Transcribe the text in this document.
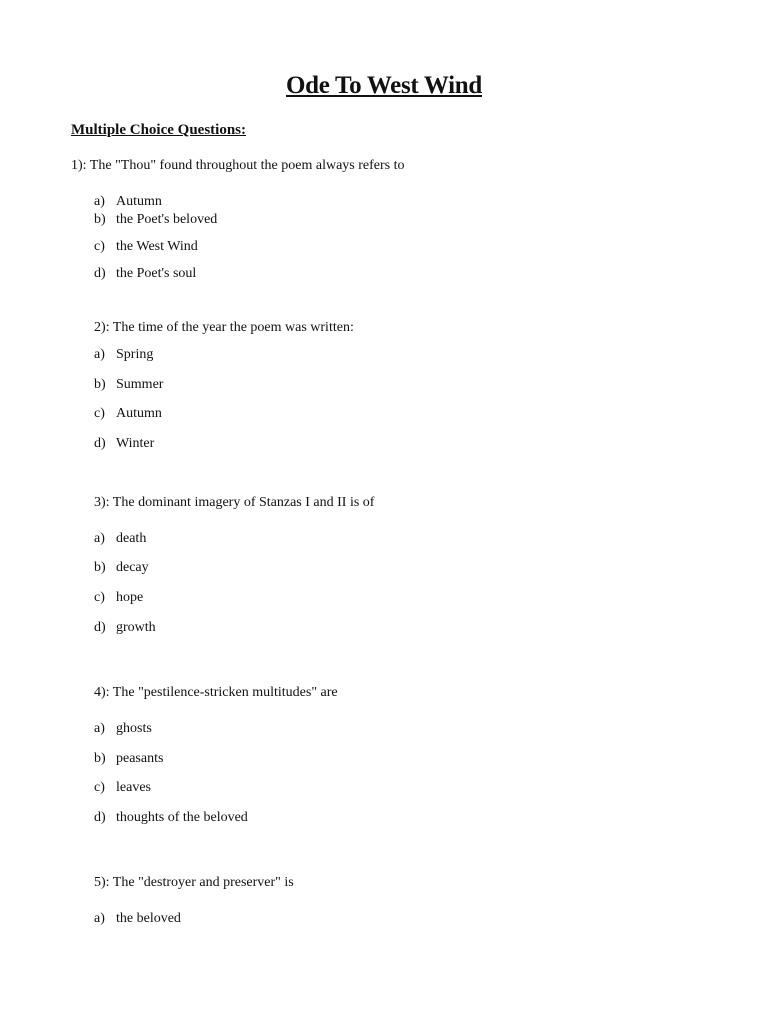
Ode To West Wind
Multiple Choice Questions:
1): The "Thou" found throughout the poem always refers to
a) Autumn
b) the Poet's beloved
c) the West Wind
d) the Poet's soul
2): The time of the year the poem was written:
a) Spring
b) Summer
c) Autumn
d) Winter
3): The dominant imagery of Stanzas I and II is of
a) death
b) decay
c) hope
d) growth
4): The "pestilence-stricken multitudes" are
a) ghosts
b) peasants
c) leaves
d) thoughts of the beloved
5): The "destroyer and preserver" is
a) the beloved
